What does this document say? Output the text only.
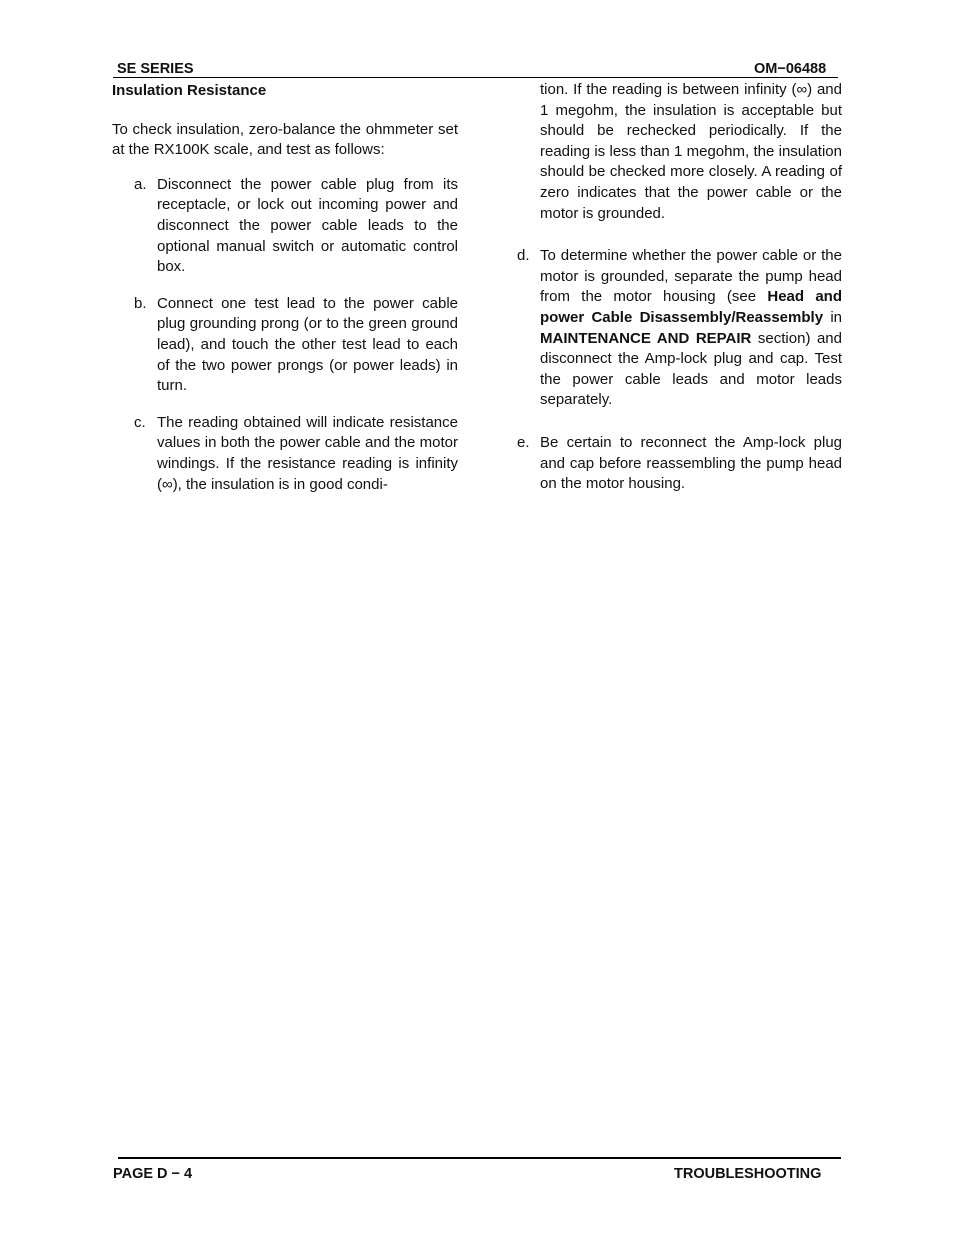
SE SERIES	OM−06488

Insulation Resistance

To check insulation, zero-balance the ohmmeter set at the RX100K scale, and test as follows:

a. Disconnect the power cable plug from its receptacle, or lock out incoming power and disconnect the power cable leads to the optional manual switch or automatic control box.
b. Connect one test lead to the power cable plug grounding prong (or to the green ground lead), and touch the other test lead to each of the two power prongs (or power leads) in turn.
c. The reading obtained will indicate resistance values in both the power cable and the motor windings. If the resistance reading is infinity (∞), the insulation is in good condi-

tion. If the reading is between infinity (∞) and 1 megohm, the insulation is acceptable but should be rechecked periodically. If the reading is less than 1 megohm, the insulation should be checked more closely. A reading of zero indicates that the power cable or the motor is grounded.

d. To determine whether the power cable or the motor is grounded, separate the pump head from the motor housing (see Head and power Cable Disassembly/Reassembly in MAINTENANCE AND REPAIR section) and disconnect the Amp-lock plug and cap. Test the power cable leads and motor leads separately.
e. Be certain to reconnect the Amp-lock plug and cap before reassembling the pump head on the motor housing.
PAGE D − 4	TROUBLESHOOTING
